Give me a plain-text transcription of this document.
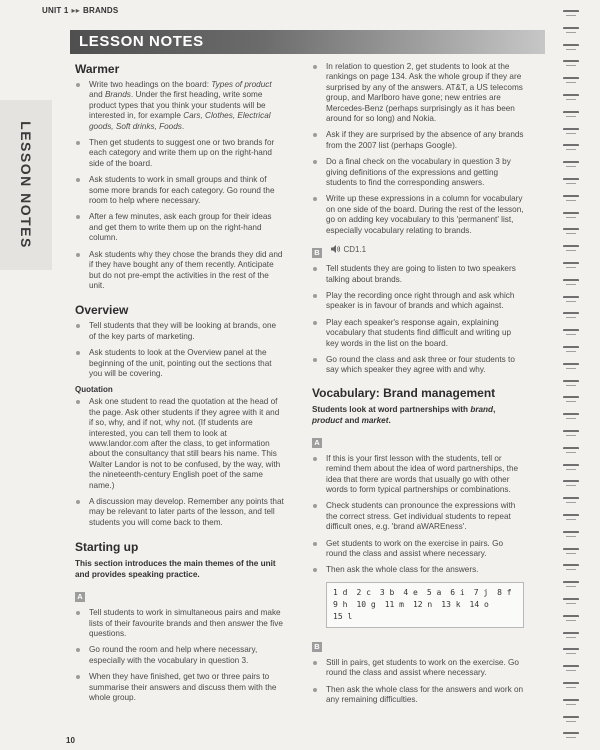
UNIT 1 ▸▸ BRANDS
LESSON NOTES
LESSON NOTES
Warmer
Write two headings on the board: Types of product and Brands. Under the first heading, write some product types that you think your students will be interested in, for example Cars, Clothes, Electrical goods, Soft drinks, Foods.
Then get students to suggest one or two brands for each category and write them up on the right-hand side of the board.
Ask students to work in small groups and think of some more brands for each category. Go round the room to help where necessary.
After a few minutes, ask each group for their ideas and get them to write them up on the right-hand column.
Ask students why they chose the brands they did and if they have bought any of them recently. Anticipate but do not pre-empt the activities in the rest of the unit.
Overview
Tell students that they will be looking at brands, one of the key parts of marketing.
Ask students to look at the Overview panel at the beginning of the unit, pointing out the sections that you will be covering.
Quotation
Ask one student to read the quotation at the head of the page. Ask other students if they agree with it and if so, why, and if not, why not. (If students are interested, you can tell them to look at www.landor.com after the class, to get information about the consultancy that still bears his name. This Walter Landor is not to be confused, by the way, with the nineteenth-century English poet of the same name.)
A discussion may develop. Remember any points that may be relevant to later parts of the lesson, and tell students you will come back to them.
Starting up

This section introduces the main themes of the unit and provides speaking practice.

A
Tell students to work in simultaneous pairs and make lists of their favourite brands and then answer the five questions.
Go round the room and help where necessary, especially with the vocabulary in question 3.
When they have finished, get two or three pairs to summarise their answers and discuss them with the whole group.
In relation to question 2, get students to look at the rankings on page 134. Ask the whole group if they are surprised by any of the answers. AT&T, a US telecoms group, and Marlboro have gone; new entries are Mercedes-Benz (perhaps surprisingly as it has been around for so long) and Nokia.
Ask if they are surprised by the absence of any brands from the 2007 list (perhaps Google).
Do a final check on the vocabulary in question 3 by giving definitions of the expressions and getting students to find the corresponding answers.
Write up these expressions in a column for vocabulary on one side of the board. During the rest of the lesson, go on adding key vocabulary to this 'permanent' list, especially vocabulary relating to brands.
B	CD1.1
Tell students they are going to listen to two speakers talking about brands.
Play the recording once right through and ask which speaker is in favour of brands and which against.
Play each speaker's response again, explaining vocabulary that students find difficult and writing up key words in the list on the board.
Go round the class and ask three or four students to say which speaker they agree with and why.
Vocabulary: Brand management

Students look at word partnerships with brand, product and market.

A
If this is your first lesson with the students, tell or remind them about the idea of word partnerships, the idea that there are words that usually go with other words to form typical partnerships or combinations.
Check students can pronounce the expressions with the correct stress. Get individual students to repeat difficult ones, e.g. 'brand aWAREness'.
Get students to work on the exercise in pairs. Go round the class and assist where necessary.
Then ask the whole class for the answers.
1 d 2 c 3 b 4 e 5 a 6 i 7 j 8 f
9 h 10 g 11 m 12 n 13 k 14 o
15 l
B
Still in pairs, get students to work on the exercise. Go round the class and assist where necessary.
Then ask the whole class for the answers and work on any remaining difficulties.
10
